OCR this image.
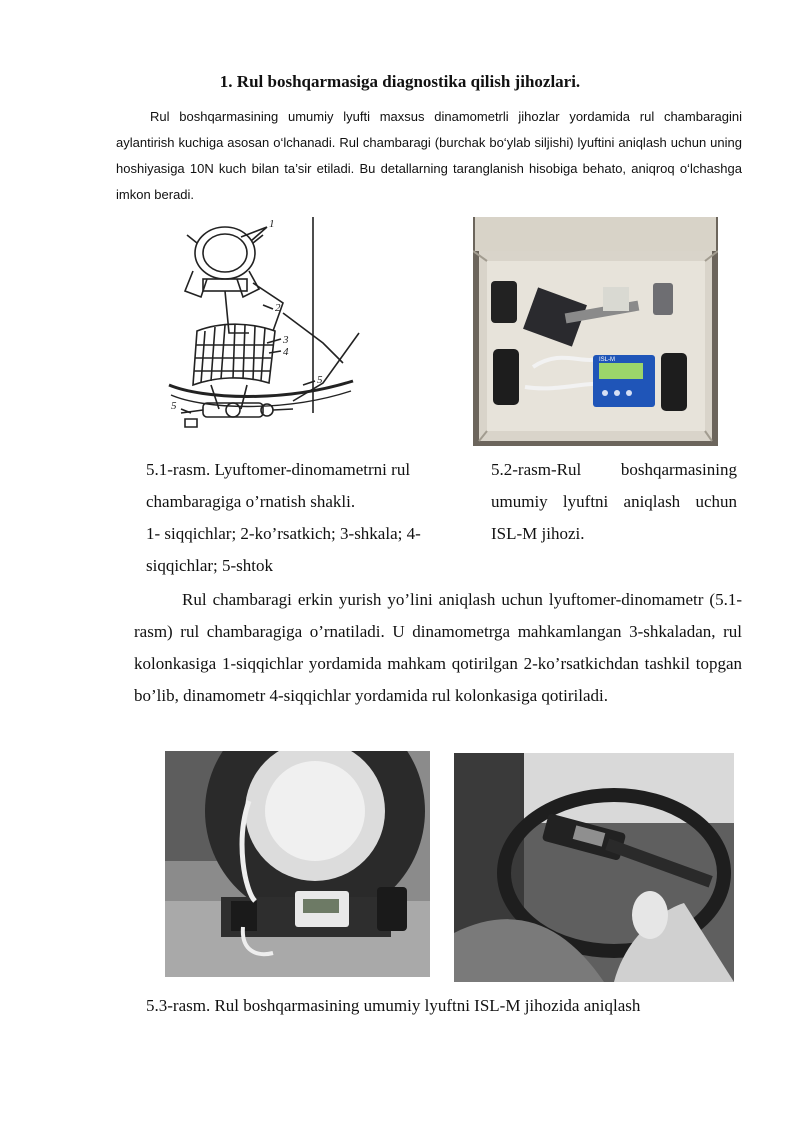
1. Rul boshqarmasiga diagnostika qilish jihozlari.
Rul boshqarmasining umumiy lyufti maxsus dinamometrli jihozlar yordamida rul chambaragini aylantirish kuchiga asosan o‘lchanadi. Rul chambaragi (burchak bo‘ylab siljishi) lyuftini aniqlash uchun uning hoshiyasiga 10N kuch bilan ta’sir etiladi. Bu detallarning taranglanish hisobiga behato, aniqroq o‘lchashga imkon beradi.
1
2
3
4
5
5
ISL-M
5.1-rasm. Lyuftomer-dinomametrni rul
chambaragiga o’rnatish shakli.
1- siqqichlar; 2-ko’rsatkich; 3-shkala; 4-
siqqichlar; 5-shtok
5.2-rasm-Rul boshqarmasining umumiy lyuftni aniqlash uchun ISL-M jihozi.
Rul chambaragi erkin yurish yo’lini aniqlash uchun lyuftomer-dinomametr (5.1-rasm) rul chambaragiga o’rnatiladi. U dinamometrga mahkamlangan 3-shkaladan, rul kolonkasiga 1-siqqichlar yordamida mahkam qotirilgan 2-ko’rsatkichdan tashkil topgan bo’lib, dinamometr 4-siqqichlar yordamida rul kolonkasiga qotiriladi.
5.3-rasm. Rul boshqarmasining umumiy lyuftni ISL-M jihozida aniqlash
